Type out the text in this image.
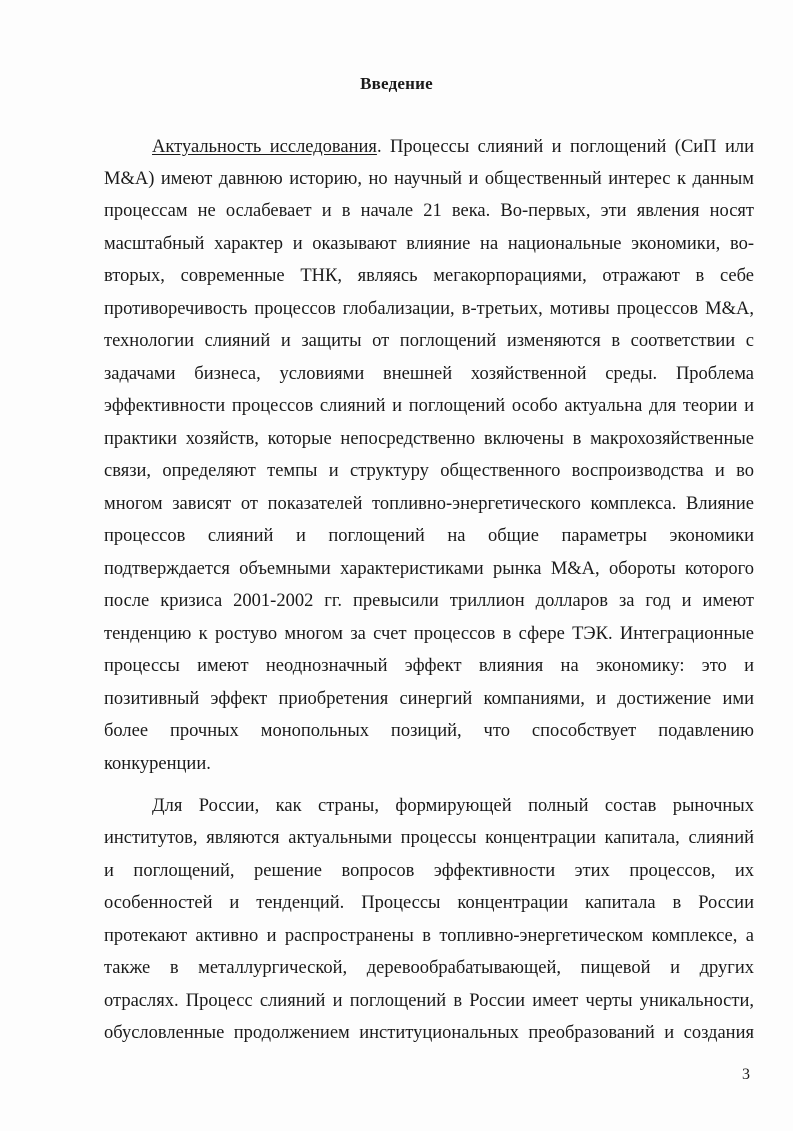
Введение
Актуальность исследования. Процессы слияний и поглощений (СиП или
M&A) имеют давнюю историю, но научный и общественный интерес к данным
процессам не ослабевает и в начале 21 века. Во-первых, эти явления носят
масштабный характер и оказывают влияние на национальные экономики, во-
вторых, современные ТНК, являясь мегакорпорациями, отражают в себе
противоречивость процессов глобализации, в-третьих, мотивы процессов M&A,
технологии слияний и защиты от поглощений изменяются в соответствии с
задачами бизнеса, условиями внешней хозяйственной среды. Проблема
эффективности процессов слияний и поглощений особо актуальна для теории и
практики хозяйств, которые непосредственно включены в макрохозяйственные
связи, определяют темпы и структуру общественного воспроизводства и во
многом зависят от показателей топливно-энергетического комплекса. Влияние
процессов слияний и поглощений на общие параметры экономики
подтверждается объемными характеристиками рынка M&A, обороты которого
после кризиса 2001-2002 гг. превысили триллион долларов за год и имеют
тенденцию к ростуво многом за счет процессов в сфере ТЭК. Интеграционные
процессы имеют неоднозначный эффект влияния на экономику: это и
позитивный эффект приобретения синергий компаниями, и достижение ими
более прочных монопольных позиций, что способствует подавлению
конкуренции.
Для России, как страны, формирующей полный состав рыночных
институтов, являются актуальными процессы концентрации капитала, слияний
и поглощений, решение вопросов эффективности этих процессов, их
особенностей и тенденций. Процессы концентрации капитала в России
протекают активно и распространены в топливно-энергетическом комплексе, а
также в металлургической, деревообрабатывающей, пищевой и других
отраслях. Процесс слияний и поглощений в России имеет черты уникальности,
обусловленные продолжением институциональных преобразований и создания
3
